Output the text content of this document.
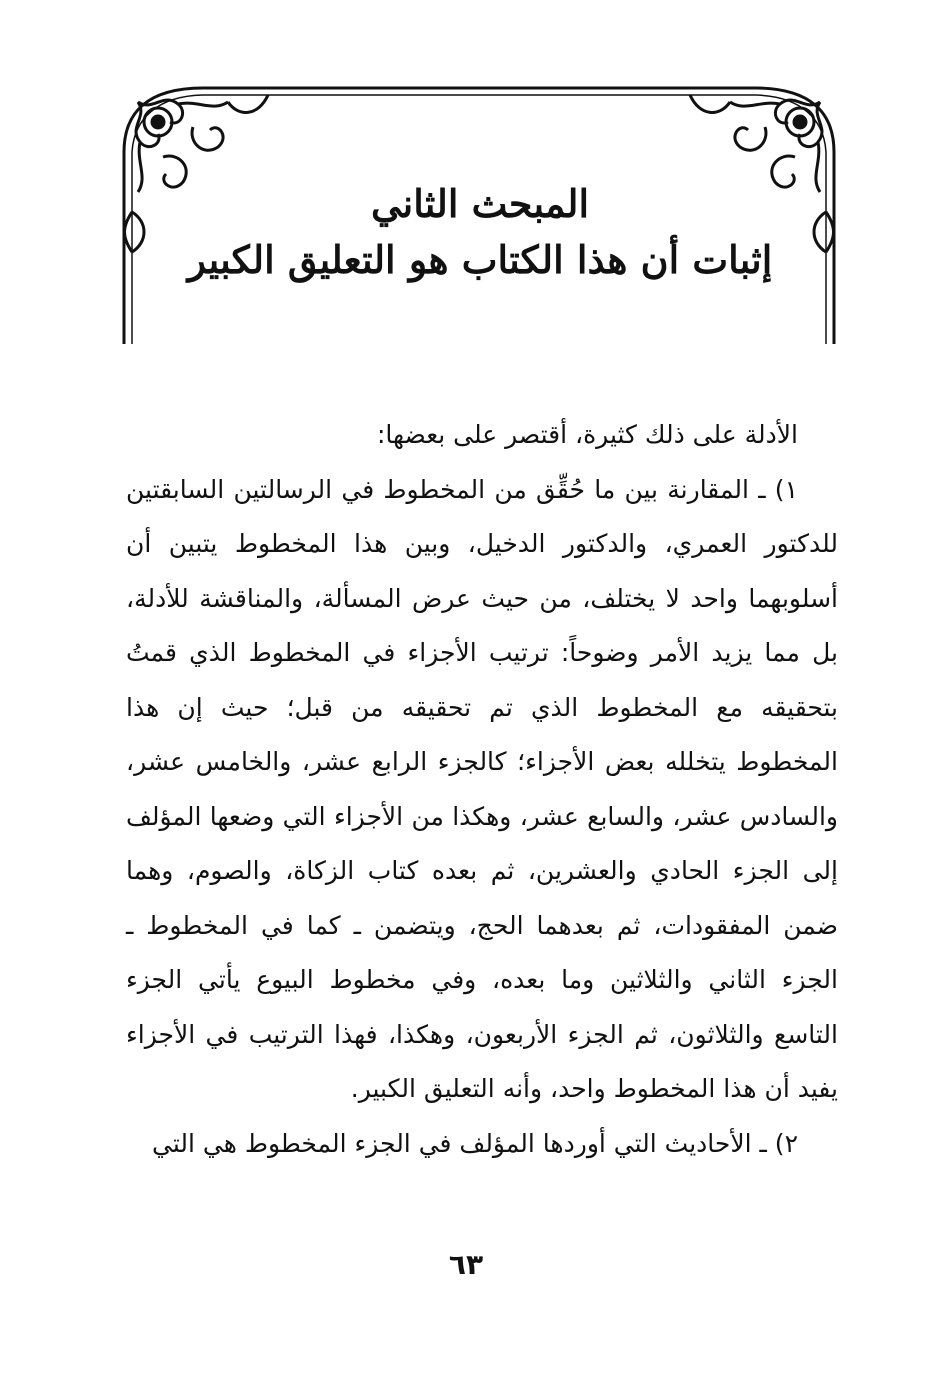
المبحث الثاني

إثبات أن هذا الكتاب هو التعليق الكبير

الأدلة على ذلك كثيرة، أقتصر على بعضها:

١) ـ المقارنة بين ما حُقِّق من المخطوط في الرسالتين السابقتين للدكتور العمري، والدكتور الدخيل، وبين هذا المخطوط يتبين أن أسلوبهما واحد لا يختلف، من حيث عرض المسألة، والمناقشة للأدلة، بل مما يزيد الأمر وضوحاً: ترتيب الأجزاء في المخطوط الذي قمتُ بتحقيقه مع المخطوط الذي تم تحقيقه من قبل؛ حيث إن هذا المخطوط يتخلله بعض الأجزاء؛ كالجزء الرابع عشر، والخامس عشر، والسادس عشر، والسابع عشر، وهكذا من الأجزاء التي وضعها المؤلف إلى الجزء الحادي والعشرين، ثم بعده كتاب الزكاة، والصوم، وهما ضمن المفقودات، ثم بعدهما الحج، ويتضمن ـ كما في المخطوط ـ الجزء الثاني والثلاثين وما بعده، وفي مخطوط البيوع يأتي الجزء التاسع والثلاثون، ثم الجزء الأربعون، وهكذا، فهذا الترتيب في الأجزاء يفيد أن هذا المخطوط واحد، وأنه التعليق الكبير.

٢) ـ الأحاديث التي أوردها المؤلف في الجزء المخطوط هي التي

٦٣
